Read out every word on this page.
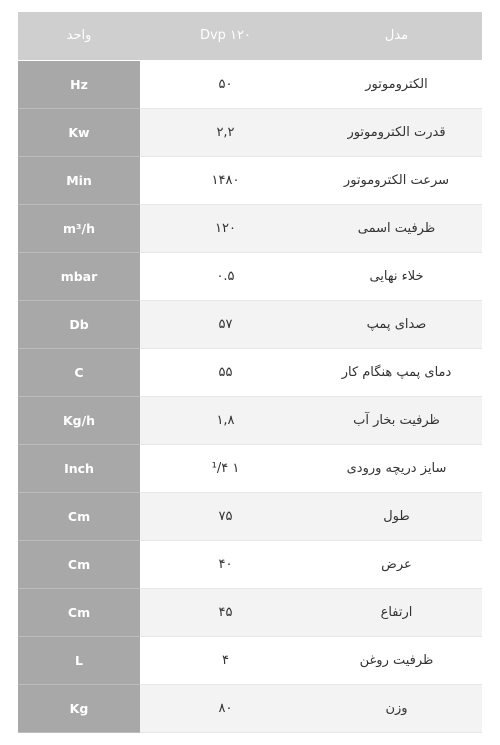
واحد	Dvp ۱۲۰	مدل
Hz	۵۰	الکتروموتور
Kw	۲,۲	قدرت الکتروموتور
Min	۱۴۸۰	سرعت الکتروموتور
m³/h	۱۲۰	ظرفیت اسمی
mbar	۰.۵	خلاء نهایی
Db	۵۷	صدای پمپ
C	۵۵	دمای پمپ هنگام کار
Kg/h	۱,۸	ظرفیت بخار آب
Inch	۱ ¹/۴	سایز دریچه ورودی
Cm	۷۵	طول
Cm	۴۰	عرض
Cm	۴۵	ارتفاع
L	۴	ظرفیت روغن
Kg	۸۰	وزن
